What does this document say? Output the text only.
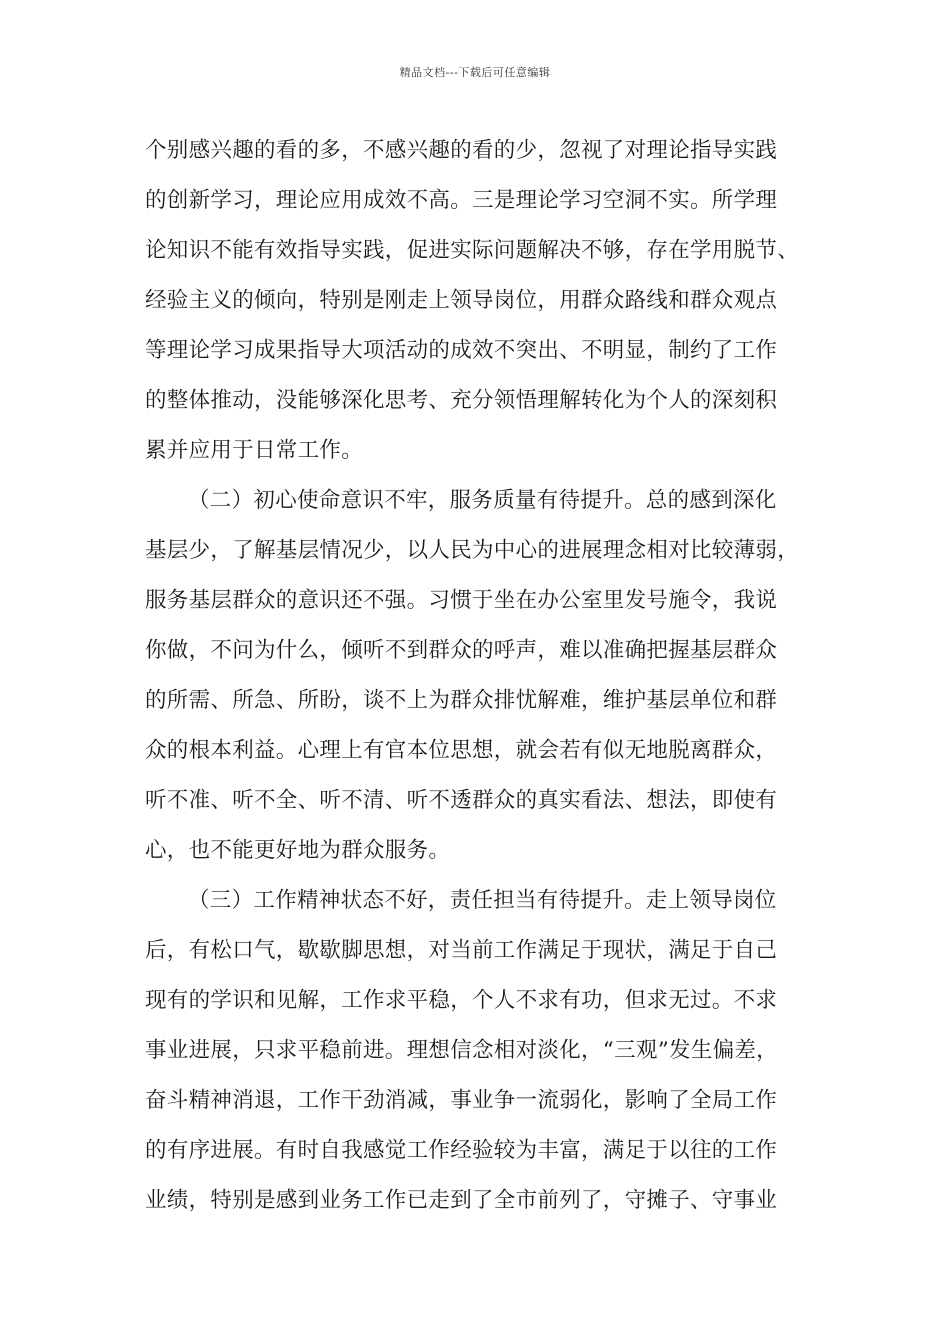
精品文档---下载后可任意编辑
个别感兴趣的看的多，不感兴趣的看的少，忽视了对理论指导实践
的创新学习，理论应用成效不高。三是理论学习空洞不实。所学理
论知识不能有效指导实践，促进实际问题解决不够，存在学用脱节、
经验主义的倾向，特别是刚走上领导岗位，用群众路线和群众观点
等理论学习成果指导大项活动的成效不突出、不明显，制约了工作
的整体推动，没能够深化思考、充分领悟理解转化为个人的深刻积
累并应用于日常工作。
（二）初心使命意识不牢，服务质量有待提升。总的感到深化
基层少，了解基层情况少，以人民为中心的进展理念相对比较薄弱，
服务基层群众的意识还不强。习惯于坐在办公室里发号施令，我说
你做，不问为什么，倾听不到群众的呼声，难以准确把握基层群众
的所需、所急、所盼，谈不上为群众排忧解难，维护基层单位和群
众的根本利益。心理上有官本位思想，就会若有似无地脱离群众，
听不准、听不全、听不清、听不透群众的真实看法、想法，即使有
心，也不能更好地为群众服务。
（三）工作精神状态不好，责任担当有待提升。走上领导岗位
后，有松口气，歇歇脚思想，对当前工作满足于现状，满足于自己
现有的学识和见解，工作求平稳，个人不求有功，但求无过。不求
事业进展，只求平稳前进。理想信念相对淡化，“三观”发生偏差，
奋斗精神消退，工作干劲消减，事业争一流弱化，影响了全局工作
的有序进展。有时自我感觉工作经验较为丰富，满足于以往的工作
业绩，特别是感到业务工作已走到了全市前列了，守摊子、守事业
